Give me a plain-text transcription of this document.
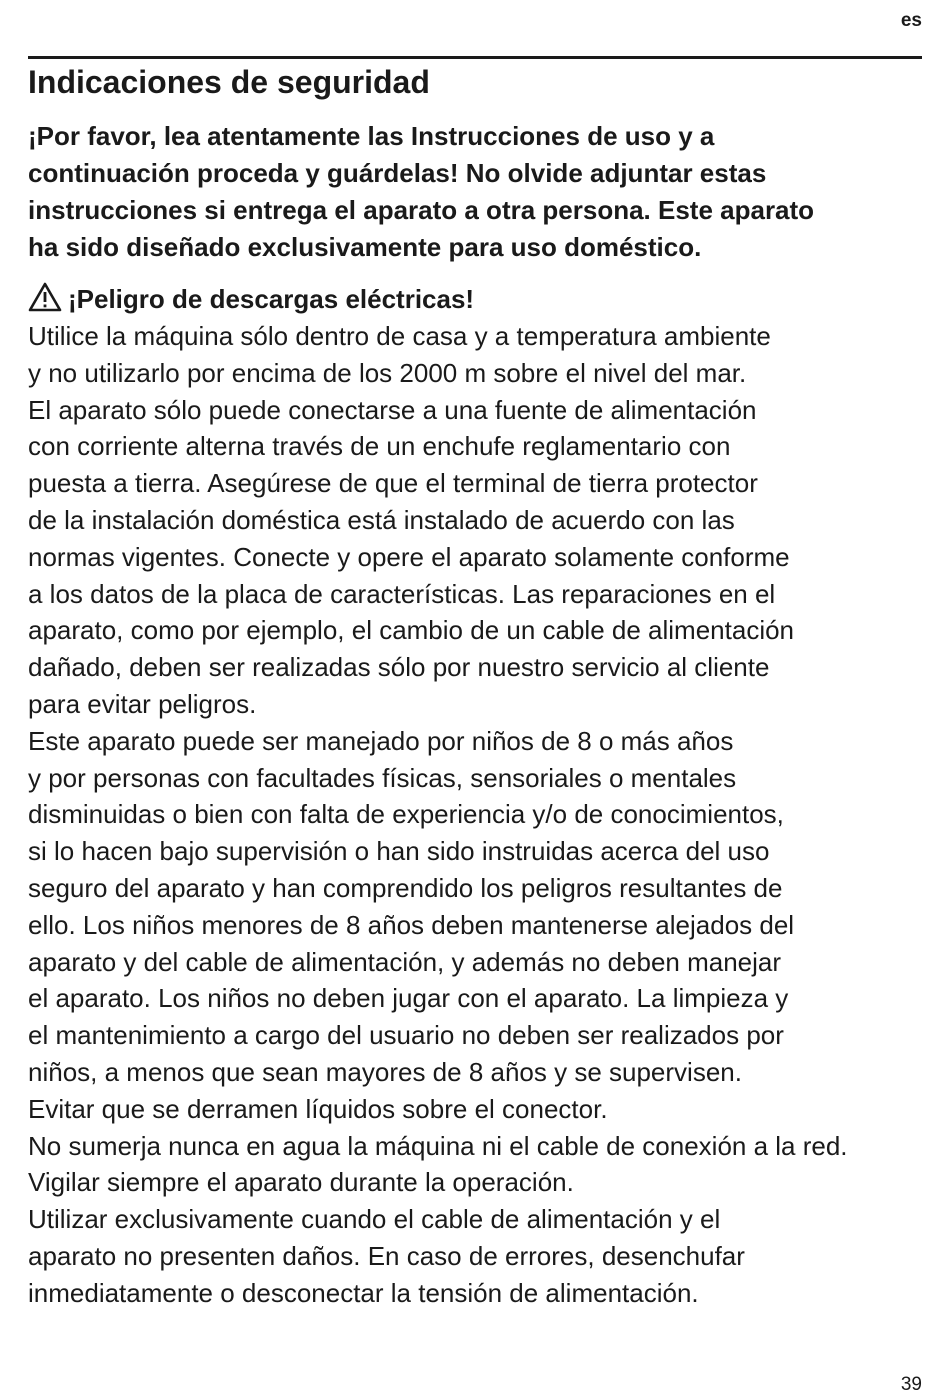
es
Indicaciones de seguridad

¡Por favor, lea atentamente las Instrucciones de uso y a
continuación proceda y guárdelas! No olvide adjuntar estas
instrucciones si entrega el aparato a otra persona. Este aparato
ha sido diseñado exclusivamente para uso doméstico.

¡Peligro de descargas eléctricas!
Utilice la máquina sólo dentro de casa y a temperatura ambiente
y no utilizarlo por encima de los 2000 m sobre el nivel del mar.
El aparato sólo puede conectarse a una fuente de alimentación
con corriente alterna través de un enchufe reglamentario con
puesta a tierra. Asegúrese de que el terminal de tierra protector
de la instalación doméstica está instalado de acuerdo con las
normas vigentes. Conecte y opere el aparato solamente conforme
a los datos de la placa de características. Las reparaciones en el
aparato, como por ejemplo, el cambio de un cable de alimentación
dañado, deben ser realizadas sólo por nuestro servicio al cliente
para evitar peligros.
Este aparato puede ser manejado por niños de 8 o más años
y por personas con facultades físicas, sensoriales o mentales
disminuidas o bien con falta de experiencia y/o de conocimientos,
si lo hacen bajo supervisión o han sido instruidas acerca del uso
seguro del aparato y han comprendido los peligros resultantes de
ello. Los niños menores de 8 años deben mantenerse alejados del
aparato y del cable de alimentación, y además no deben manejar
el aparato. Los niños no deben jugar con el aparato. La limpieza y
el mantenimiento a cargo del usuario no deben ser realizados por
niños, a menos que sean mayores de 8 años y se supervisen.
Evitar que se derramen líquidos sobre el conector.
No sumerja nunca en agua la máquina ni el cable de conexión a la red.
Vigilar siempre el aparato durante la operación.
Utilizar exclusivamente cuando el cable de alimentación y el
aparato no presenten daños. En caso de errores, desenchufar
inmediatamente o desconectar la tensión de alimentación.
39
